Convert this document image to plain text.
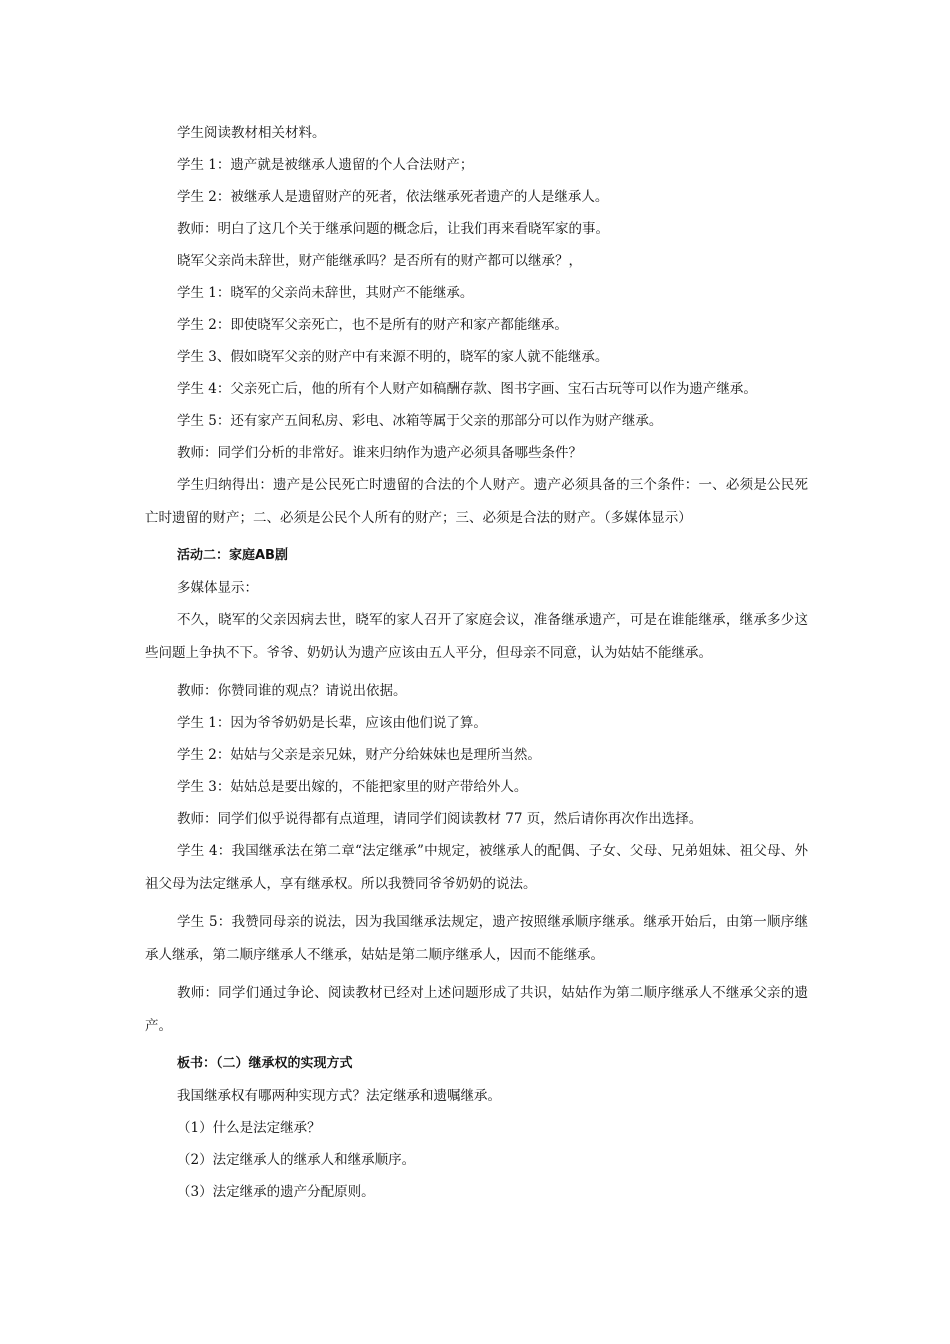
学生阅读教材相关材料。

学生 1：遗产就是被继承人遗留的个人合法财产；

学生 2：被继承人是遗留财产的死者，依法继承死者遗产的人是继承人。

教师：明白了这几个关于继承问题的概念后，让我们再来看晓军家的事。

晓军父亲尚未辞世，财产能继承吗？是否所有的财产都可以继承？，

学生 1：晓军的父亲尚未辞世，其财产不能继承。

学生 2：即使晓军父亲死亡，也不是所有的财产和家产都能继承。

学生 3、假如晓军父亲的财产中有来源不明的，晓军的家人就不能继承。

学生 4：父亲死亡后，他的所有个人财产如稿酬存款、图书字画、宝石古玩等可以作为遗产继承。

学生 5：还有家产五间私房、彩电、冰箱等属于父亲的那部分可以作为财产继承。

教师：同学们分析的非常好。谁来归纳作为遗产必须具备哪些条件？

学生归纳得出：遗产是公民死亡时遗留的合法的个人财产。遗产必须具备的三个条件：一、必须是公民死亡时遗留的财产；二、必须是公民个人所有的财产；三、必须是合法的财产。（多媒体显示）

活动二：家庭AB剧

多媒体显示：

不久，晓军的父亲因病去世，晓军的家人召开了家庭会议，准备继承遗产，可是在谁能继承，继承多少这些问题上争执不下。爷爷、奶奶认为遗产应该由五人平分，但母亲不同意，认为姑姑不能继承。

教师：你赞同谁的观点？请说出依据。

学生 1：因为爷爷奶奶是长辈，应该由他们说了算。

学生 2：姑姑与父亲是亲兄妹，财产分给妹妹也是理所当然。

学生 3：姑姑总是要出嫁的，不能把家里的财产带给外人。

教师：同学们似乎说得都有点道理，请同学们阅读教材 77 页，然后请你再次作出选择。

学生 4：我国继承法在第二章“法定继承”中规定，被继承人的配偶、子女、父母、兄弟姐妹、祖父母、外祖父母为法定继承人，享有继承权。所以我赞同爷爷奶奶的说法。

学生 5：我赞同母亲的说法，因为我国继承法规定，遗产按照继承顺序继承。继承开始后，由第一顺序继承人继承，第二顺序继承人不继承，姑姑是第二顺序继承人，因而不能继承。

教师：同学们通过争论、阅读教材已经对上述问题形成了共识，姑姑作为第二顺序继承人不继承父亲的遗产。

板书：（二）继承权的实现方式

我国继承权有哪两种实现方式？法定继承和遗嘱继承。

（1）什么是法定继承？

（2）法定继承人的继承人和继承顺序。

（3）法定继承的遗产分配原则。
